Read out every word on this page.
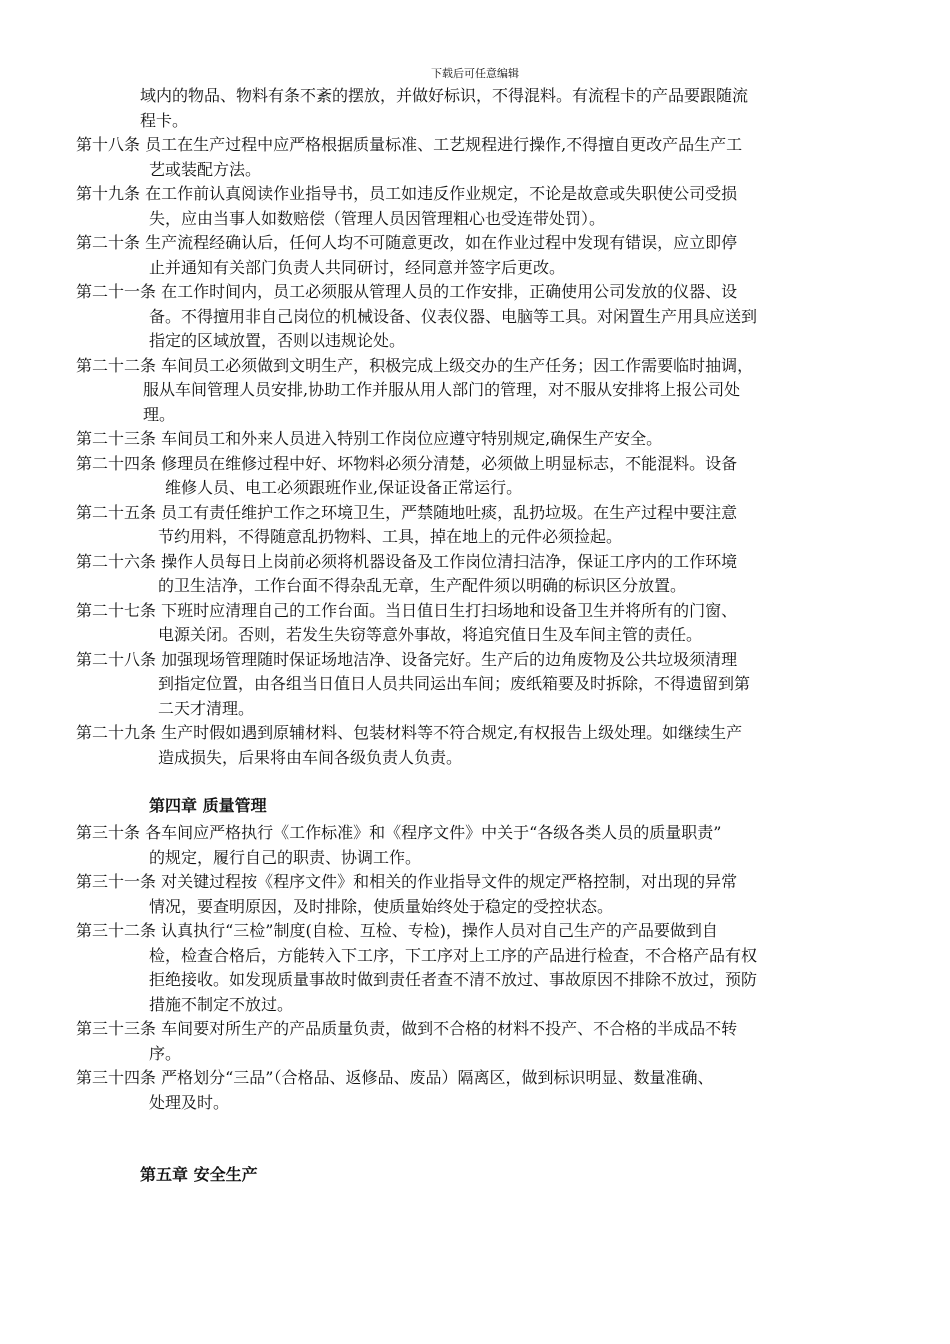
下载后可任意编辑
域内的物品、物料有条不紊的摆放，并做好标识，不得混料。有流程卡的产品要跟随流
程卡。
第十八条 员工在生产过程中应严格根据质量标准、工艺规程进行操作,不得擅自更改产品生产工
艺或装配方法。
第十九条 在工作前认真阅读作业指导书，员工如违反作业规定，不论是故意或失职使公司受损
失，应由当事人如数赔偿（管理人员因管理粗心也受连带处罚）。
第二十条 生产流程经确认后，任何人均不可随意更改，如在作业过程中发现有错误，应立即停
止并通知有关部门负责人共同研讨，经同意并签字后更改。
第二十一条 在工作时间内，员工必须服从管理人员的工作安排，正确使用公司发放的仪器、设
备。不得擅用非自己岗位的机械设备、仪表仪器、电脑等工具。对闲置生产用具应送到
指定的区域放置，否则以违规论处。
第二十二条 车间员工必须做到文明生产，积极完成上级交办的生产任务；因工作需要临时抽调，
服从车间管理人员安排,协助工作并服从用人部门的管理，对不服从安排将上报公司处
理。
第二十三条 车间员工和外来人员进入特别工作岗位应遵守特别规定,确保生产安全。
第二十四条 修理员在维修过程中好、坏物料必须分清楚，必须做上明显标志，不能混料。设备
维修人员、电工必须跟班作业,保证设备正常运行。
第二十五条 员工有责任维护工作之环境卫生，严禁随地吐痰，乱扔垃圾。在生产过程中要注意
节约用料，不得随意乱扔物料、工具，掉在地上的元件必须捡起。
第二十六条 操作人员每日上岗前必须将机器设备及工作岗位清扫洁净，保证工序内的工作环境
的卫生洁净，工作台面不得杂乱无章，生产配件须以明确的标识区分放置。
第二十七条 下班时应清理自己的工作台面。当日值日生打扫场地和设备卫生并将所有的门窗、
电源关闭。否则，若发生失窃等意外事故，将追究值日生及车间主管的责任。
第二十八条 加强现场管理随时保证场地洁净、设备完好。生产后的边角废物及公共垃圾须清理
到指定位置，由各组当日值日人员共同运出车间；废纸箱要及时拆除，不得遗留到第
二天才清理。
第二十九条 生产时假如遇到原辅材料、包装材料等不符合规定,有权报告上级处理。如继续生产
造成损失，后果将由车间各级负责人负责。
第四章 质量管理
第三十条 各车间应严格执行《工作标准》和《程序文件》中关于“各级各类人员的质量职责”
的规定，履行自己的职责、协调工作。
第三十一条 对关键过程按《程序文件》和相关的作业指导文件的规定严格控制，对出现的异常
情况，要查明原因，及时排除，使质量始终处于稳定的受控状态。
第三十二条 认真执行“三检”制度(自检、互检、专检)，操作人员对自己生产的产品要做到自
检，检查合格后，方能转入下工序，下工序对上工序的产品进行检查，不合格产品有权
拒绝接收。如发现质量事故时做到责任者查不清不放过、事故原因不排除不放过，预防
措施不制定不放过。
第三十三条 车间要对所生产的产品质量负责，做到不合格的材料不投产、不合格的半成品不转
序。
第三十四条 严格划分“三品”（合格品、返修品、废品）隔离区，做到标识明显、数量准确、
处理及时。
第五章 安全生产
